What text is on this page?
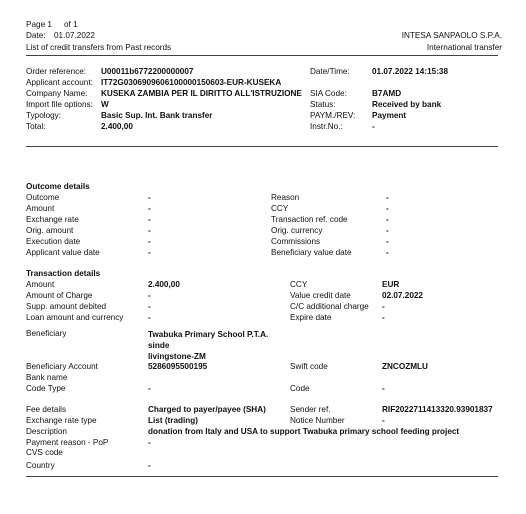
Page 1 of 1
Date: 01.07.2022
List of credit transfers from Past records
INTESA SANPAOLO S.P.A.
International transfer
Order reference: U00011b6772200000007
Applicant account: IT72G0306909606100000150603-EUR-KUSEKA
Company Name: KUSEKA ZAMBIA PER IL DIRITTO ALL'ISTRUZIONE
Import file options: W
Typology:	Basic Sup. Int. Bank transfer
Total:	2.400,00
Date/Time:	01.07.2022 14:15:38
SIA Code:	B7AMD
Status:	Received by bank
PAYM./REV: Payment
Instr.No.:	-
Outcome details
Outcome	-
Amount	-
Exchange rate	-
Orig. amount	-
Execution date	-
Applicant value date	-
Reason	-
CCY	-
Transaction ref. code	-
Orig. currency	-
Commissions	-
Beneficiary value date	-
Transaction details
Amount	2.400,00	CCY	EUR
Amount of Charge	-	Value credit date	02.07.2022
Supp. amount debited	-	C/C additional charge -
Loan amount and currency	-	Expire date	-
Beneficiary	Twabuka Primary School P.T.A.
sinde
livingstone-ZM
Beneficiary Account	5286095500195	Swift code	ZNCOZMLU
Bank name
Code Type	-	Code	-
Fee details	Charged to payer/payee (SHA)	Sender ref.	RIF2022711413320.93901837
Exchange rate type	List (trading)	Notice Number	-
Description	donation from Italy and USA to support Twabuka primary school feeding project
Payment reason - PoP	-
CVS code
Country	-
